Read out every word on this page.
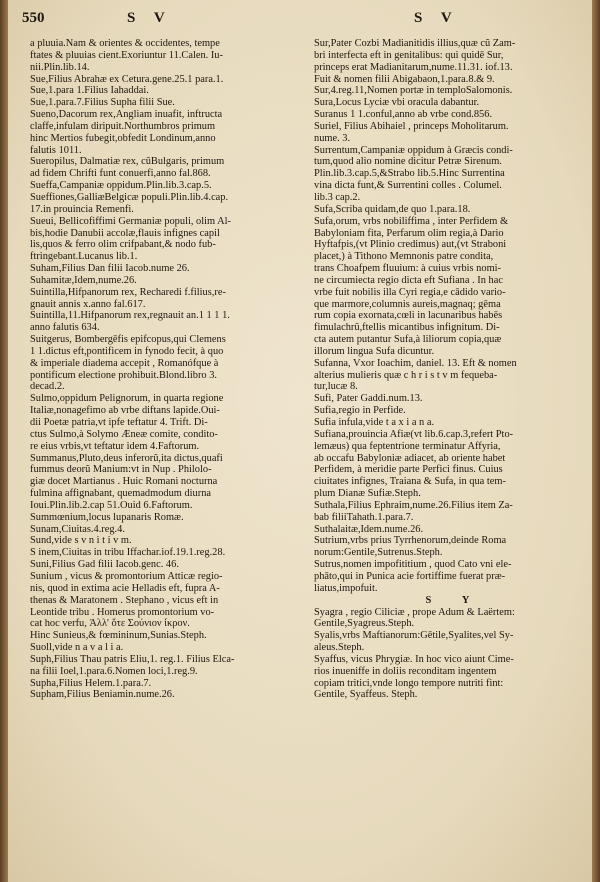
550	S     V	S     V
a pluuia.Nam & orientes & occidentes, tempe
ftates & pluuias cient.Exoriuntur 11.Calen. Iu-
nii.Plin.lib.14.
Sue,Filius Abrahæ ex Cetura.gene.25.1 para.1.
Sue,1.para 1.Filius Iahaddai.
Sue,1.para.7.Filius Supha filii Sue.
Sueno,Dacorum rex,Angliam inuafit, inftructa
claffe,infulam diripuit.Northumbros primum
hinc Mertios fubegit,obfedit Londinum,anno
falutis 1011.
Sueropilus, Dalmatiæ rex, cũBulgaris, primum
ad fidem Chrifti funt conuerfi,anno fal.868.
Sueffa,Campaniæ oppidum.Plin.lib.3.cap.5.
Sueffiones,GalliæBelgicæ populi.Plin.lib.4.cap.
17.in prouincia Remenfi.
Sueui, Bellicofiffimi Germaniæ populi, olim Al-
bis,hodie Danubii accolæ,flauis infignes capil
lis,quos & ferro olim crifpabant,& nodo fub-
ftringebant.Lucanus lib.1.
Suham,Filius Dan filii Iacob.nume 26.
Suhamitæ,Idem,nume.26.
Suintilla,Hifpanorum rex, Recharedi f.filius,re-
gnauit annis x.anno fal.617.
Suintilla,11.Hifpanorum rex,regnauit an.1 1 1 1.
anno falutis 634.
Suitgerus, Bombergēfis epifcopus,qui Clemens
1 1.dictus eft,pontificem in fynodo fecit, à quo
& imperiale diadema accepit , Romanófque à
pontificum electione prohibuit.Blond.libro 3.
decad.2.
Sulmo,oppidum Pelignorum, in quarta regione
Italiæ,nonagefimo ab vrbe diftans lapide.Oui-
dii Poetæ patria,vt ipfe teftatur 4. Trift. Di-
ctus Sulmo,à Solymo Æneæ comite, condito-
re eius vrbis,vt teftatur idem 4.Faftorum.
Summanus,Pluto,deus inferorũ,ita dictus,quafi
fummus deorũ Manium:vt in Nup . Philolo-
giæ docet Martianus . Huic Romani nocturna
fulmina affignabant, quemadmodum diurna
Ioui.Plin.lib.2.cap 51.Ouid 6.Faftorum.
Summœnium,locus lupanaris Romæ.
Sunam,Ciuitas.4.reg.4.
Sund,vide s v n i t i v m.
S inem,Ciuitas in tribu Iffachar.iof.19.1.reg.28.
Suni,Filius Gad filii Iacob.genc. 46.
Sunium , vicus & promontorium Atticæ regio-
nis, quod in extima acie Helladis eft, fupra A-
thenas & Maratonem . Stephano , vicus eft in
Leontide tribu . Homerus promontorium vo-
cat hoc verfu, Ἀλλ' ὅτε Σούνιον ἷκρον.
Hinc Sunieus,& fœmininum,Sunias.Steph.
Suoll,vide n a v a l i a.
Suph,Filius Thau patris Eliu,1. reg.1. Filius Elca-
na filii Ioel,1.para.6.Nomen loci,1.reg.9.
Supha,Filius Helem.1.para.7.
Supham,Filius Beniamin.nume.26.
Sur,Pater Cozbi Madianitidis illius,quæ cũ Zam-
bri interfecta eft in genitalibus: qui quidē Sur,
princeps erat Madianitarum,nume.11.31. iof.13.
Fuit & nomen filii Abigabaon,1.para.8.& 9.
Sur,4.reg.11,Nomen portæ in temploSalomonis.
Sura,Locus Lyciæ vbi oracula dabantur.
Suranus 1 1.conful,anno ab vrbe cond.856.
Suriel, Filius Abihaiel , princeps Moholitarum.
nume. 3.
Surrentum,Campaniæ oppidum à Græcis condi-
tum,quod alio nomine dicitur Petræ Sirenum.
Plin.lib.3.cap.5,&Strabo lib.5.Hinc Surrentina
vina dicta funt,& Surrentini colles . Columel.
lib.3 cap.2.
Sufa,Scriba quidam,de quo 1.para.18.
Sufa,orum, vrbs nobiliffima , inter Perfidem &
Babyloniam fita, Perfarum olim regia,à Dario
Hyftafpis,(vt Plinio credimus) aut,(vt Straboni
placet,) à Tithono Memnonis patre condita,
trans Choafpem fluuium: à cuius vrbis nomi-
ne circumiecta regio dicta eft Sufiana . In hac
vrbe fuit nobilis illa Cyri regia,e cādido vario-
que marmore,columnis aureis,magnaq; gēma
rum copia exornata,cœli in lacunaribus habēs
fimulachrũ,ftellis micantibus infignitum. Di-
cta autem putantur Sufa,à liliorum copia,quæ
illorum lingua Sufa dicuntur.
Sufanna, Vxor Ioachim, daniel. 13. Eft & nomen
alterius mulieris quæ c h r i s t v m fequeba-
tur,lucæ 8.
Sufi, Pater Gaddi.num.13.
Sufia,regio in Perfide.
Sufia infula,vide t a x i a n a.
Sufiana,prouincia Afiæ(vt lib.6.cap.3,refert Pto-
lemæus) qua feptentrione terminatur Affyria,
ab occafu Babyloniæ adiacet, ab oriente habet
Perfidem, à meridie parte Perfici finus. Cuius
ciuitates infignes, Traiana & Sufa, in qua tem-
plum Dianæ Sufiæ.Steph.
Suthala,Filius Ephraim,nume.26.Filius item Za-
bab filiiTahath.1.para.7.
Suthalaitæ,Idem.nume.26.
Sutrium,vrbs prius Tyrrhenorum,deinde Roma
norum:Gentile,Sutrenus.Steph.
Sutrus,nomen impofititium , quod Cato vni ele-
phāto,qui in Punica acie fortiffime fuerat præ-
liatus,impofuit.
S     Y
Syagra , regio Ciliciæ , prope Adum & Laërtem:
Gentile,Syagreus.Steph.
Syalis,vrbs Maftianorum:Gētile,Syalites,vel Sy-
aleus.Steph.
Syaffus, vicus Phrygiæ. In hoc vico aiunt Cime-
rios inueniffe in doliis reconditam ingentem
copiam tritici,vnde longo tempore nutriti fint:
Gentile, Syaffeus. Steph.
